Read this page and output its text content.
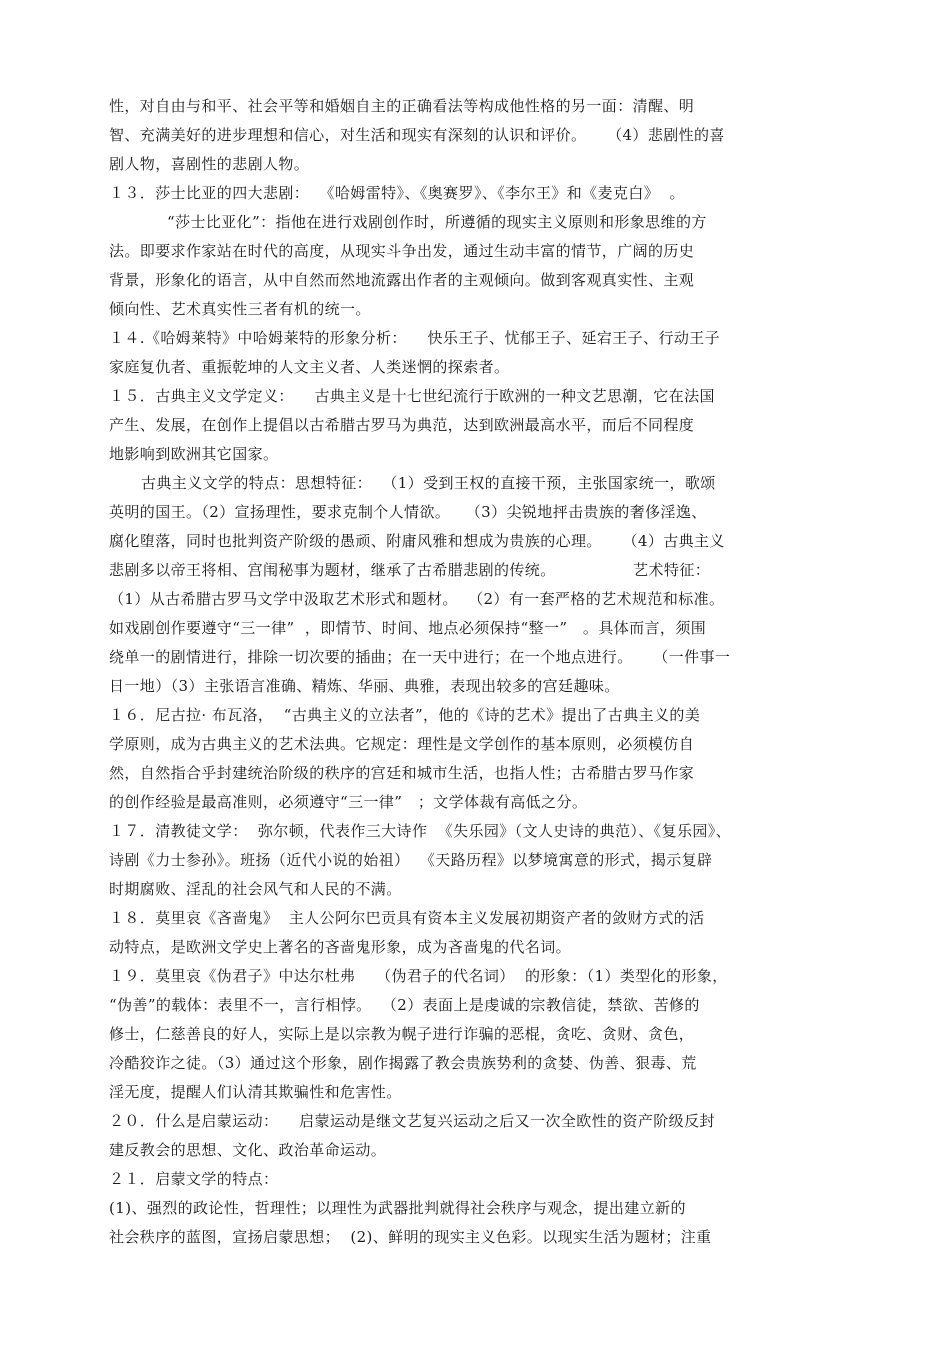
性，对自由与和平、社会平等和婚姻自主的正确看法等构成他性格的另一面：清醒、明
智、充满美好的进步理想和信心，对生活和现实有深刻的认识和评价。    （4）悲剧性的喜
剧人物，喜剧性的悲剧人物。
１３．莎士比亚的四大悲剧：  《哈姆雷特》、《奥赛罗》、《李尔王》和《麦克白》  。
“莎士比亚化”：指他在进行戏剧创作时，所遵循的现实主义原则和形象思维的方
法。即要求作家站在时代的高度，从现实斗争出发，通过生动丰富的情节，广阔的历史
背景，形象化的语言，从中自然而然地流露出作者的主观倾向。做到客观真实性、主观
倾向性、艺术真实性三者有机的统一。
１４.《哈姆莱特》中哈姆莱特的形象分析：    快乐王子、忧郁王子、延宕王子、行动王子
家庭复仇者、重振乾坤的人文主义者、人类迷惘的探索者。
１５．古典主义文学定义：    古典主义是十七世纪流行于欧洲的一种文艺思潮，它在法国
产生、发展，在创作上提倡以古希腊古罗马为典范，达到欧洲最高水平，而后不同程度
地影响到欧洲其它国家。
古典主义文学的特点：思想特征：  （1）受到王权的直接干预，主张国家统一，歌颂
英明的国王。（2）宣扬理性，要求克制个人情欲。   （3）尖锐地抨击贵族的奢侈淫逸、
腐化堕落，同时也批判资产阶级的愚顽、附庸风雅和想成为贵族的心理。    （4）古典主义
悲剧多以帝王将相、宫闱秘事为题材，继承了古希腊悲剧的传统。               艺术特征：
（1）从古希腊古罗马文学中汲取艺术形式和题材。  （2）有一套严格的艺术规范和标准。
如戏剧创作要遵守“三一律”  ，即情节、时间、地点必须保持“整一”   。具体而言，须围
绕单一的剧情进行，排除一切次要的插曲；在一天中进行；在一个地点进行。    （一件事一
日一地）（3）主张语言准确、精炼、华丽、典雅，表现出较多的宫廷趣味。
１６．尼古拉· 布瓦洛，  “古典主义的立法者”，他的《诗的艺术》提出了古典主义的美
学原则，成为古典主义的艺术法典。它规定：理性是文学创作的基本原则，必须模仿自
然，自然指合乎封建统治阶级的秩序的宫廷和城市生活，也指人性；古希腊古罗马作家
的创作经验是最高准则，必须遵守“三一律”   ；文学体裁有高低之分。
１７．清教徒文学：  弥尔顿，代表作三大诗作  《失乐园》（文人史诗的典范）、《复乐园》、
诗剧《力士参孙》。班扬（近代小说的始祖）  《天路历程》以梦境寓意的形式，揭示复辟
时期腐败、淫乱的社会风气和人民的不满。
１８．莫里哀《吝啬鬼》  主人公阿尔巴贡具有资本主义发展初期资产者的敛财方式的活
动特点，是欧洲文学史上著名的吝啬鬼形象，成为吝啬鬼的代名词。
１９．莫里哀《伪君子》中达尔杜弗    （伪君子的代名词）  的形象：（1）类型化的形象，
“伪善”的载体：表里不一，言行相悖。  （2）表面上是虔诚的宗教信徒，禁欲、苦修的
修士，仁慈善良的好人，实际上是以宗教为幌子进行诈骗的恶棍，贪吃、贪财、贪色，
冷酷狡诈之徒。（3）通过这个形象，剧作揭露了教会贵族势利的贪婪、伪善、狠毒、荒
淫无度，提醒人们认清其欺骗性和危害性。
２０．什么是启蒙运动：    启蒙运动是继文艺复兴运动之后又一次全欧性的资产阶级反封
建反教会的思想、文化、政治革命运动。
２１．启蒙文学的特点：
(1)、强烈的政论性，哲理性；以理性为武器批判就得社会秩序与观念，提出建立新的
社会秩序的蓝图，宣扬启蒙思想；  (2)、鲜明的现实主义色彩。以现实生活为题材；注重
